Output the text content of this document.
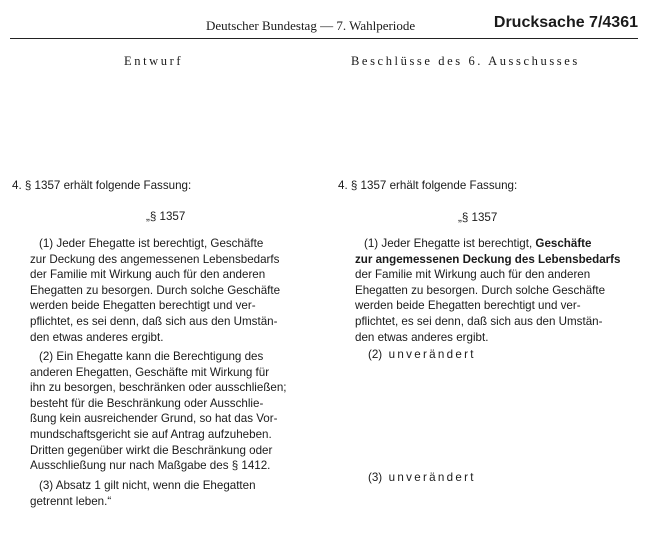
Deutscher Bundestag — 7. Wahlperiode	Drucksache 7/4361
Entwurf	Beschlüsse des 6. Ausschusses
4. § 1357 erhält folgende Fassung:
„§ 1357
(1) Jeder Ehegatte ist berechtigt, Geschäfte
zur Deckung des angemessenen Lebensbedarfs
der Familie mit Wirkung auch für den anderen
Ehegatten zu besorgen. Durch solche Geschäfte
werden beide Ehegatten berechtigt und ver-
pflichtet, es sei denn, daß sich aus den Umstän-
den etwas anderes ergibt.
(2) Ein Ehegatte kann die Berechtigung des
anderen Ehegatten, Geschäfte mit Wirkung für
ihn zu besorgen, beschränken oder ausschließen;
besteht für die Beschränkung oder Ausschlie-
ßung kein ausreichender Grund, so hat das Vor-
mundschaftsgericht sie auf Antrag aufzuheben.
Dritten gegenüber wirkt die Beschränkung oder
Ausschließung nur nach Maßgabe des § 1412.
(3) Absatz 1 gilt nicht, wenn die Ehegatten
getrennt leben.“
4. § 1357 erhält folgende Fassung:
„§ 1357
(1) Jeder Ehegatte ist berechtigt, Geschäfte
zur angemessenen Deckung des Lebensbedarfs
der Familie mit Wirkung auch für den anderen
Ehegatten zu besorgen. Durch solche Geschäfte
werden beide Ehegatten berechtigt und ver-
pflichtet, es sei denn, daß sich aus den Umstän-
den etwas anderes ergibt.
(2) unverändert
(3) unverändert
